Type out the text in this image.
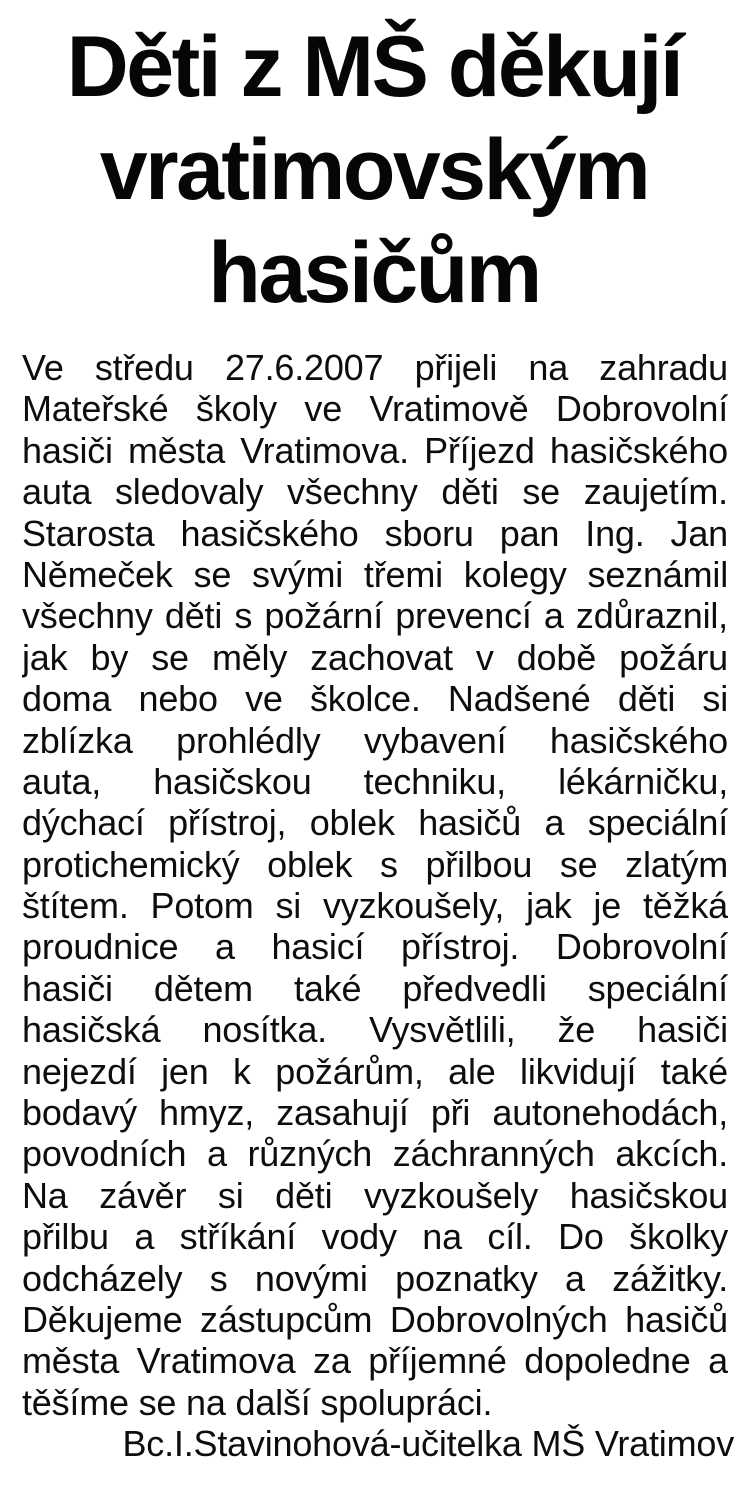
Děti z MŠ děkují
vratimovským
hasičům
Ve středu 27.6.2007 přijeli na zahradu
Mateřské školy ve Vratimově Dobrovolní
hasiči města Vratimova. Příjezd hasičského
auta sledovaly všechny děti se zaujetím.
Starosta hasičského sboru pan Ing. Jan
Němeček se svými třemi kolegy seznámil
všechny děti s požární prevencí a zdůraznil,
jak by se měly zachovat v době požáru
doma nebo ve školce. Nadšené děti si
zblízka prohlédly vybavení hasičského
auta, hasičskou techniku, lékárničku,
dýchací přístroj, oblek hasičů a speciální
protichemický oblek s přilbou se zlatým
štítem. Potom si vyzkoušely, jak je těžká
proudnice a hasicí přístroj. Dobrovolní
hasiči dětem také předvedli speciální
hasičská nosítka. Vysvětlili, že hasiči
nejezdí jen k požárům, ale likvidují také
bodavý hmyz, zasahují při autonehodách,
povodních a různých záchranných akcích.
Na závěr si děti vyzkoušely hasičskou
přilbu a stříkání vody na cíl. Do školky
odcházely s novými poznatky a zážitky.
Děkujeme zástupcům Dobrovolných hasičů
města Vratimova za příjemné dopoledne a
těšíme se na další spolupráci.
Bc.I.Stavinohová-učitelka MŠ Vratimov
